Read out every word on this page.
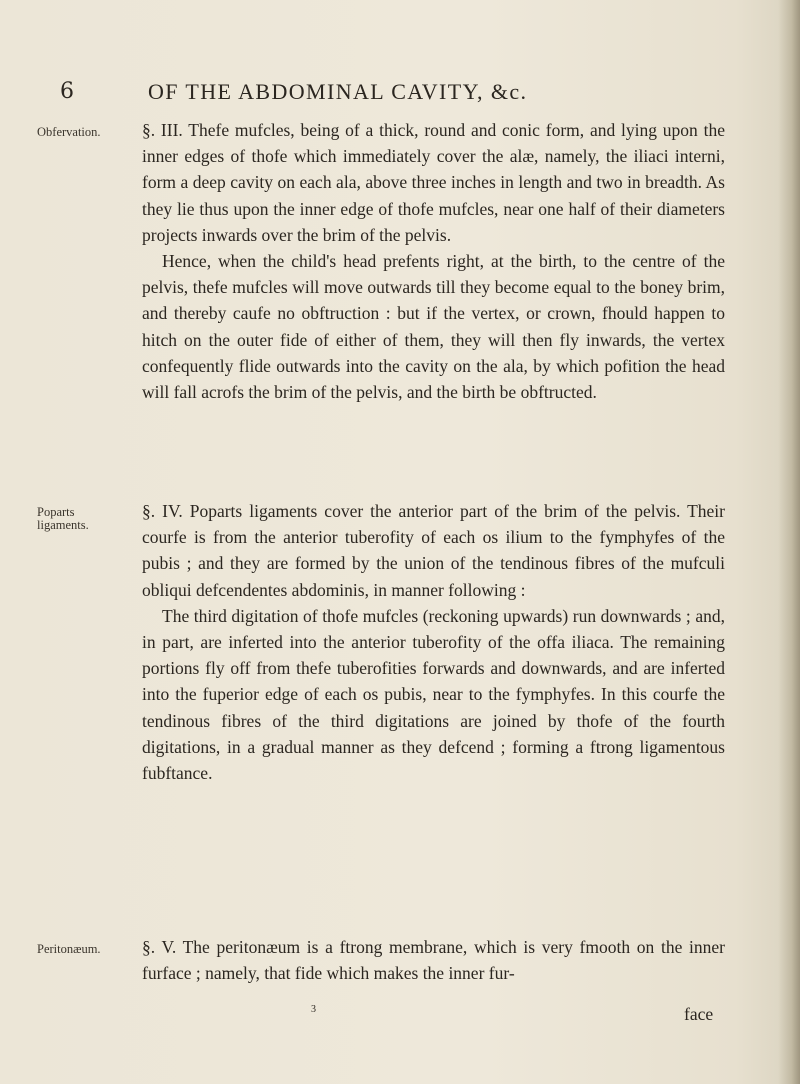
6	OF THE ABDOMINAL CAVITY, &c.
Obfervation.	§. III. Thefe mufcles, being of a thick, round and conic form, and lying upon the inner edges of thofe which immediately cover the alæ, namely, the iliaci interni, form a deep cavity on each ala, above three inches in length and two in breadth. As they lie thus upon the inner edge of thofe mufcles, near one half of their diameters projects inwards over the brim of the pelvis.

Hence, when the child's head prefents right, at the birth, to the centre of the pelvis, thefe mufcles will move outwards till they become equal to the boney brim, and thereby caufe no obftruction : but if the vertex, or crown, fhould happen to hitch on the outer fide of either of them, they will then fly inwards, the vertex confequently flide outwards into the cavity on the ala, by which pofition the head will fall acrofs the brim of the pelvis, and the birth be obftructed.

Poparts ligaments.

§. IV. Poparts ligaments cover the anterior part of the brim of the pelvis. Their courfe is from the anterior tuberofity of each os ilium to the fymphyfes of the pubis ; and they are formed by the union of the tendinous fibres of the mufculi obliqui defcendentes abdominis, in manner following :

The third digitation of thofe mufcles (reckoning upwards) run downwards ; and, in part, are inferted into the anterior tuberofity of the offa iliaca. The remaining portions fly off from thefe tuberofities forwards and downwards, and are inferted into the fuperior edge of each os pubis, near to the fymphyfes. In this courfe the tendinous fibres of the third digitations are joined by thofe of the fourth digitations, in a gradual manner as they defcend ; forming a ftrong ligamentous fubftance.

Peritonæum.	§. V. The peritonæum is a ftrong membrane, which is very fmooth on the inner furface ; namely, that fide which makes the inner fur-

3	face
